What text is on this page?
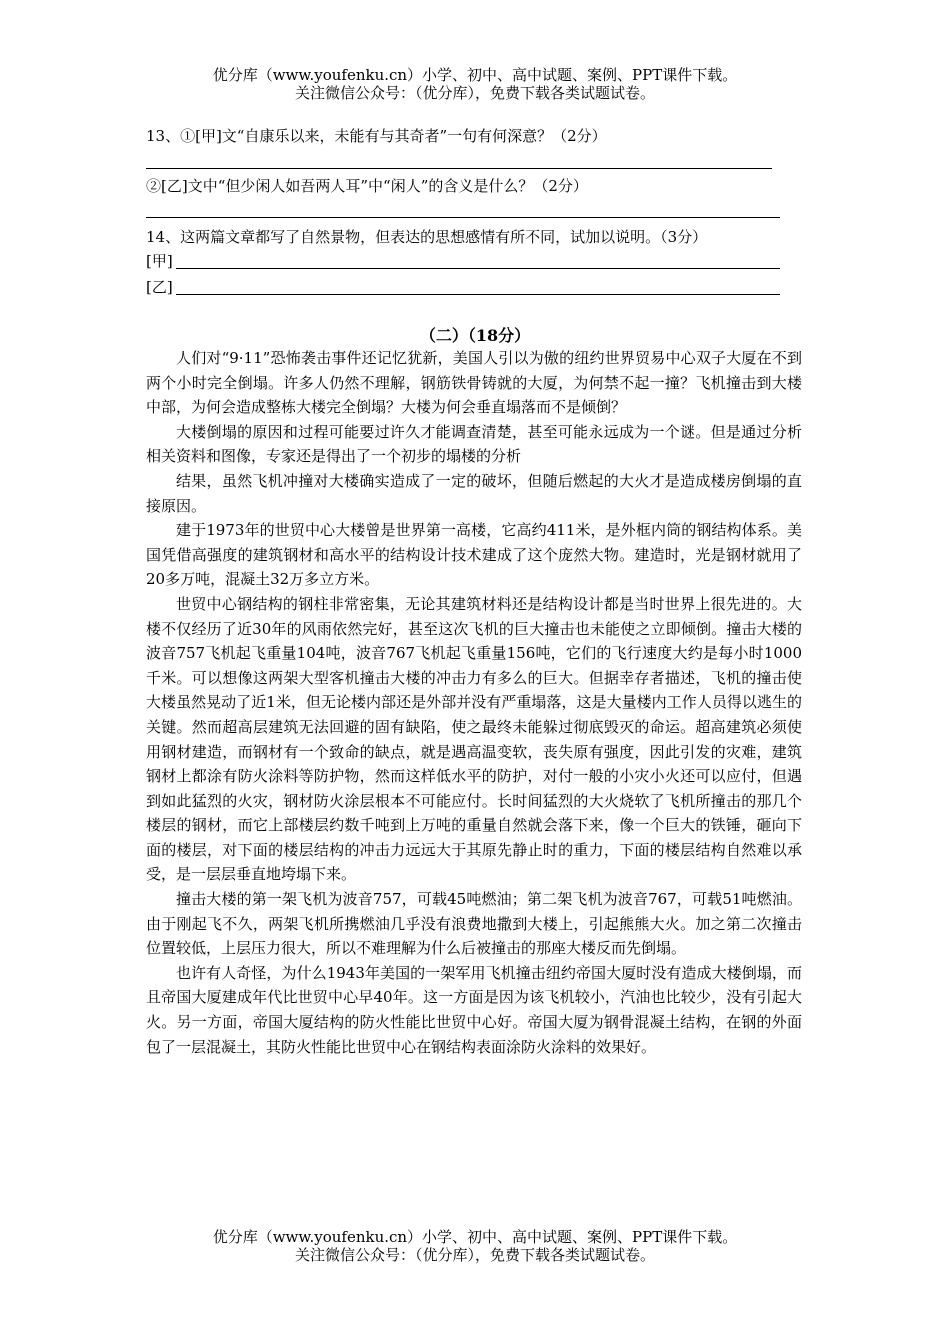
优分库（www.youfenku.cn）小学、初中、高中试题、案例、PPT课件下载。
关注微信公众号：（优分库），免费下载各类试题试卷。
13、①[甲]文“自康乐以来，未能有与其奇者”一句有何深意？（2分）
②[乙]文中“但少闲人如吾两人耳”中“闲人”的含义是什么？（2分）
14、这两篇文章都写了自然景物，但表达的思想感情有所不同，试加以说明。（3分）
[甲]
[乙]
（二）（18分）

人们对“9·11”恐怖袭击事件还记忆犹新，美国人引以为傲的纽约世界贸易中心双子大厦在不到两个小时完全倒塌。许多人仍然不理解，钢筋铁骨铸就的大厦，为何禁不起一撞？飞机撞击到大楼中部，为何会造成整栋大楼完全倒塌？大楼为何会垂直塌落而不是倾倒？

大楼倒塌的原因和过程可能要过许久才能调查清楚，甚至可能永远成为一个谜。但是通过分析相关资料和图像，专家还是得出了一个初步的塌楼的分析

结果，虽然飞机冲撞对大楼确实造成了一定的破坏，但随后燃起的大火才是造成楼房倒塌的直接原因。

建于1973年的世贸中心大楼曾是世界第一高楼，它高约411米，是外框内筒的钢结构体系。美国凭借高强度的建筑钢材和高水平的结构设计技术建成了这个庞然大物。建造时，光是钢材就用了20多万吨，混凝土32万多立方米。

世贸中心钢结构的钢柱非常密集，无论其建筑材料还是结构设计都是当时世界上很先进的。大楼不仅经历了近30年的风雨依然完好，甚至这次飞机的巨大撞击也未能使之立即倾倒。撞击大楼的波音757飞机起飞重量104吨，波音767飞机起飞重量156吨，它们的飞行速度大约是每小时1000千米。可以想像这两架大型客机撞击大楼的冲击力有多么的巨大。但据幸存者描述，飞机的撞击使大楼虽然晃动了近1米，但无论楼内部还是外部并没有严重塌落，这是大量楼内工作人员得以逃生的关键。然而超高层建筑无法回避的固有缺陷，使之最终未能躲过彻底毁灭的命运。超高建筑必须使用钢材建造，而钢材有一个致命的缺点，就是遇高温变软，丧失原有强度，因此引发的灾难，建筑钢材上都涂有防火涂料等防护物，然而这样低水平的防护，对付一般的小灾小火还可以应付，但遇到如此猛烈的火灾，钢材防火涂层根本不可能应付。长时间猛烈的大火烧软了飞机所撞击的那几个楼层的钢材，而它上部楼层约数千吨到上万吨的重量自然就会落下来，像一个巨大的铁锤，砸向下面的楼层，对下面的楼层结构的冲击力远远大于其原先静止时的重力，下面的楼层结构自然难以承受，是一层层垂直地垮塌下来。

撞击大楼的第一架飞机为波音757，可载45吨燃油；第二架飞机为波音767，可载51吨燃油。由于刚起飞不久，两架飞机所携燃油几乎没有浪费地撒到大楼上，引起熊熊大火。加之第二次撞击位置较低，上层压力很大，所以不难理解为什么后被撞击的那座大楼反而先倒塌。

也许有人奇怪，为什么1943年美国的一架军用飞机撞击纽约帝国大厦时没有造成大楼倒塌，而且帝国大厦建成年代比世贸中心早40年。这一方面是因为该飞机较小，汽油也比较少，没有引起大火。另一方面，帝国大厦结构的防火性能比世贸中心好。帝国大厦为钢骨混凝土结构，在钢的外面包了一层混凝土，其防火性能比世贸中心在钢结构表面涂防火涂料的效果好。

优分库（www.youfenku.cn）小学、初中、高中试题、案例、PPT课件下载。
关注微信公众号：（优分库），免费下载各类试题试卷。
